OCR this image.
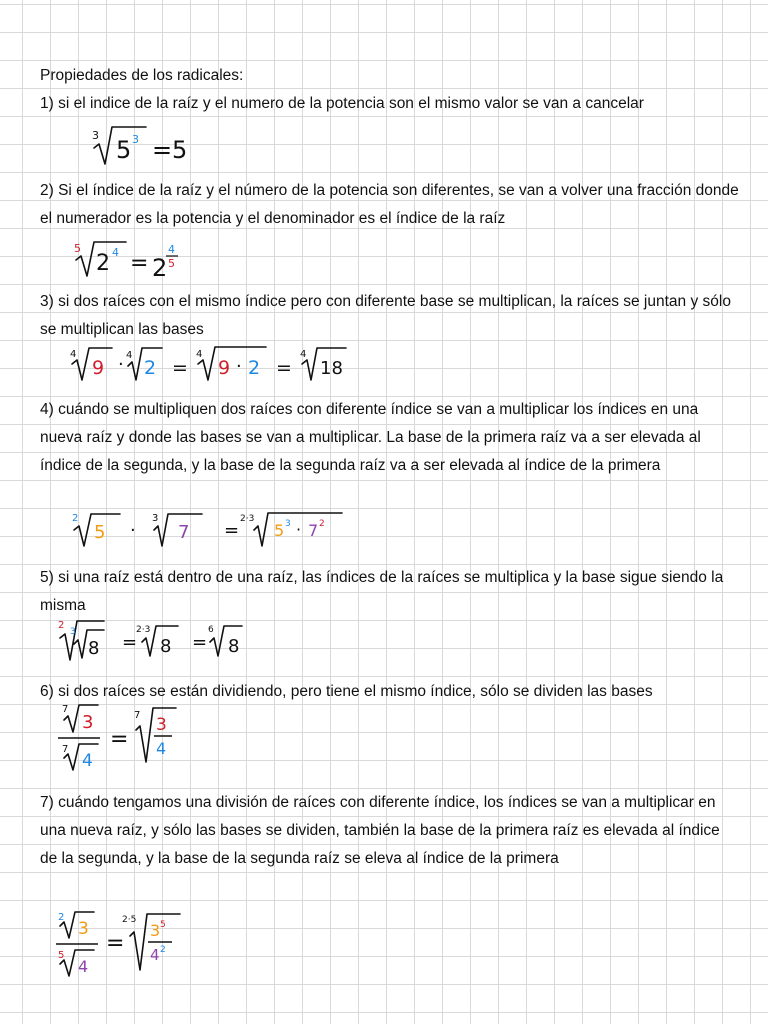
Propiedades de los radicales:

1) si el indice de la raíz y el numero de la potencia son el mismo valor se van a cancelar

2) Si el índice de la raíz y el número de la potencia son diferentes, se van a volver una fracción donde el numerador es la potencia y el denominador es el índice de la raíz

3) si dos raíces con el mismo índice pero con diferente base se multiplican, la raíces se juntan y sólo se multiplican las bases

4) cuándo se multipliquen dos raíces con diferente índice se van a multiplicar los índices en una nueva raíz y donde las bases se van a multiplicar. La base de la primera raíz va a ser elevada al índice de la segunda, y la base de la segunda raíz va a ser elevada al índice de la primera

5) si una raíz está dentro de una raíz, las índices de la raíces se multiplica y la base sigue siendo la misma

6) si dos raíces se están dividiendo, pero tiene el mismo índice, sólo se dividen las bases

7) cuándo tengamos una división de raíces con diferente índice, los índices se van a multiplicar en una nueva raíz, y sólo las bases se dividen, también la base de la primera raíz es elevada al índice de la segunda, y la base de la segunda raíz se eleva al índice de la primera

3
5 3 = 5
5
2 4 = 2
4
5
4
9 · 4
2 =
4
9 · 2 =
4
18
2
5 ·
3
7 =
2·3
5 3 · 7 2
2
3
8 =
2·3
8 =
6
8
7
3
7
4
=
7 3
4
2
3
5
4
=
2·5
3 5
4 2
